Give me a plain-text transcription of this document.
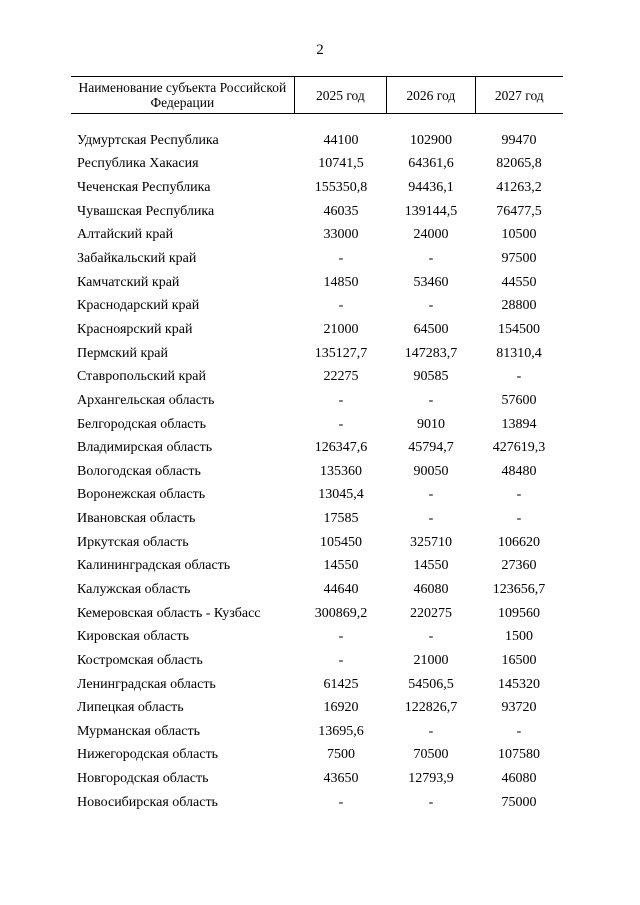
2
Наименование субъекта Российской Федерации	2025 год	2026 год	2027 год
Удмуртская Республика	44100	102900	99470
Республика Хакасия	10741,5	64361,6	82065,8
Чеченская Республика	155350,8	94436,1	41263,2
Чувашская Республика	46035	139144,5	76477,5
Алтайский край	33000	24000	10500
Забайкальский край	-	-	97500
Камчатский край	14850	53460	44550
Краснодарский край	-	-	28800
Красноярский край	21000	64500	154500
Пермский край	135127,7	147283,7	81310,4
Ставропольский край	22275	90585	-
Архангельская область	-	-	57600
Белгородская область	-	9010	13894
Владимирская область	126347,6	45794,7	427619,3
Вологодская область	135360	90050	48480
Воронежская область	13045,4	-	-
Ивановская область	17585	-	-
Иркутская область	105450	325710	106620
Калининградская область	14550	14550	27360
Калужская область	44640	46080	123656,7
Кемеровская область - Кузбасс	300869,2	220275	109560
Кировская область	-	-	1500
Костромская область	-	21000	16500
Ленинградская область	61425	54506,5	145320
Липецкая область	16920	122826,7	93720
Мурманская область	13695,6	-	-
Нижегородская область	7500	70500	107580
Новгородская область	43650	12793,9	46080
Новосибирская область	-	-	75000
